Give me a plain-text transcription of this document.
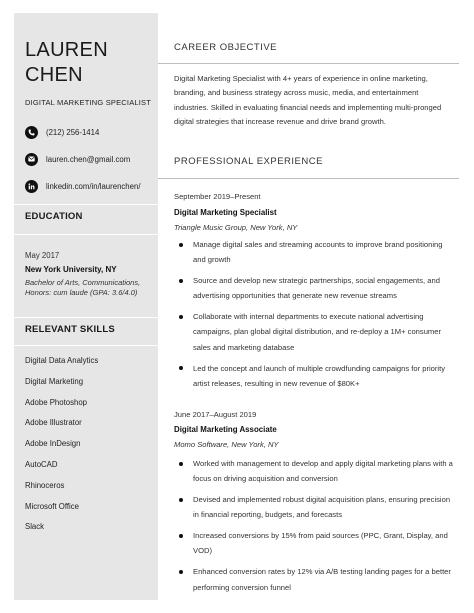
LAUREN
CHEN
DIGITAL MARKETING SPECIALIST
(212) 256-1414
lauren.chen@gmail.com
linkedin.com/in/laurenchen/
EDUCATION
May 2017
New York University, NY
Bachelor of Arts, Communications, Honors: cum laude (GPA: 3.6/4.0)
RELEVANT SKILLS
Digital Data Analytics
Digital Marketing
Adobe Photoshop
Adobe Illustrator
Adobe InDesign
AutoCAD
Rhinoceros
Microsoft Office
Slack
CAREER OBJECTIVE
Digital Marketing Specialist with 4+ years of experience in online marketing, branding, and business strategy across music, media, and entertainment industries. Skilled in evaluating financial needs and implementing multi-pronged digital strategies that increase revenue and drive brand growth.
PROFESSIONAL EXPERIENCE
September 2019–Present
Digital Marketing Specialist
Triangle Music Group, New York, NY
Manage digital sales and streaming accounts to improve brand positioning and growth
Source and develop new strategic partnerships, social engagements, and advertising opportunities that generate new revenue streams
Collaborate with internal departments to execute national advertising campaigns, plan global digital distribution, and re-deploy a 1M+ consumer sales and marketing database
Led the concept and launch of multiple crowdfunding campaigns for priority artist releases, resulting in new revenue of $80K+
June 2017–August 2019
Digital Marketing Associate
Momo Software, New York, NY
Worked with management to develop and apply digital marketing plans with a focus on driving acquisition and conversion
Devised and implemented robust digital acquisition plans, ensuring precision in financial reporting, budgets, and forecasts
Increased conversions by 15% from paid sources (PPC, Grant, Display, and VOD)
Enhanced conversion rates by 12% via A/B testing landing pages for a better performing conversion funnel
